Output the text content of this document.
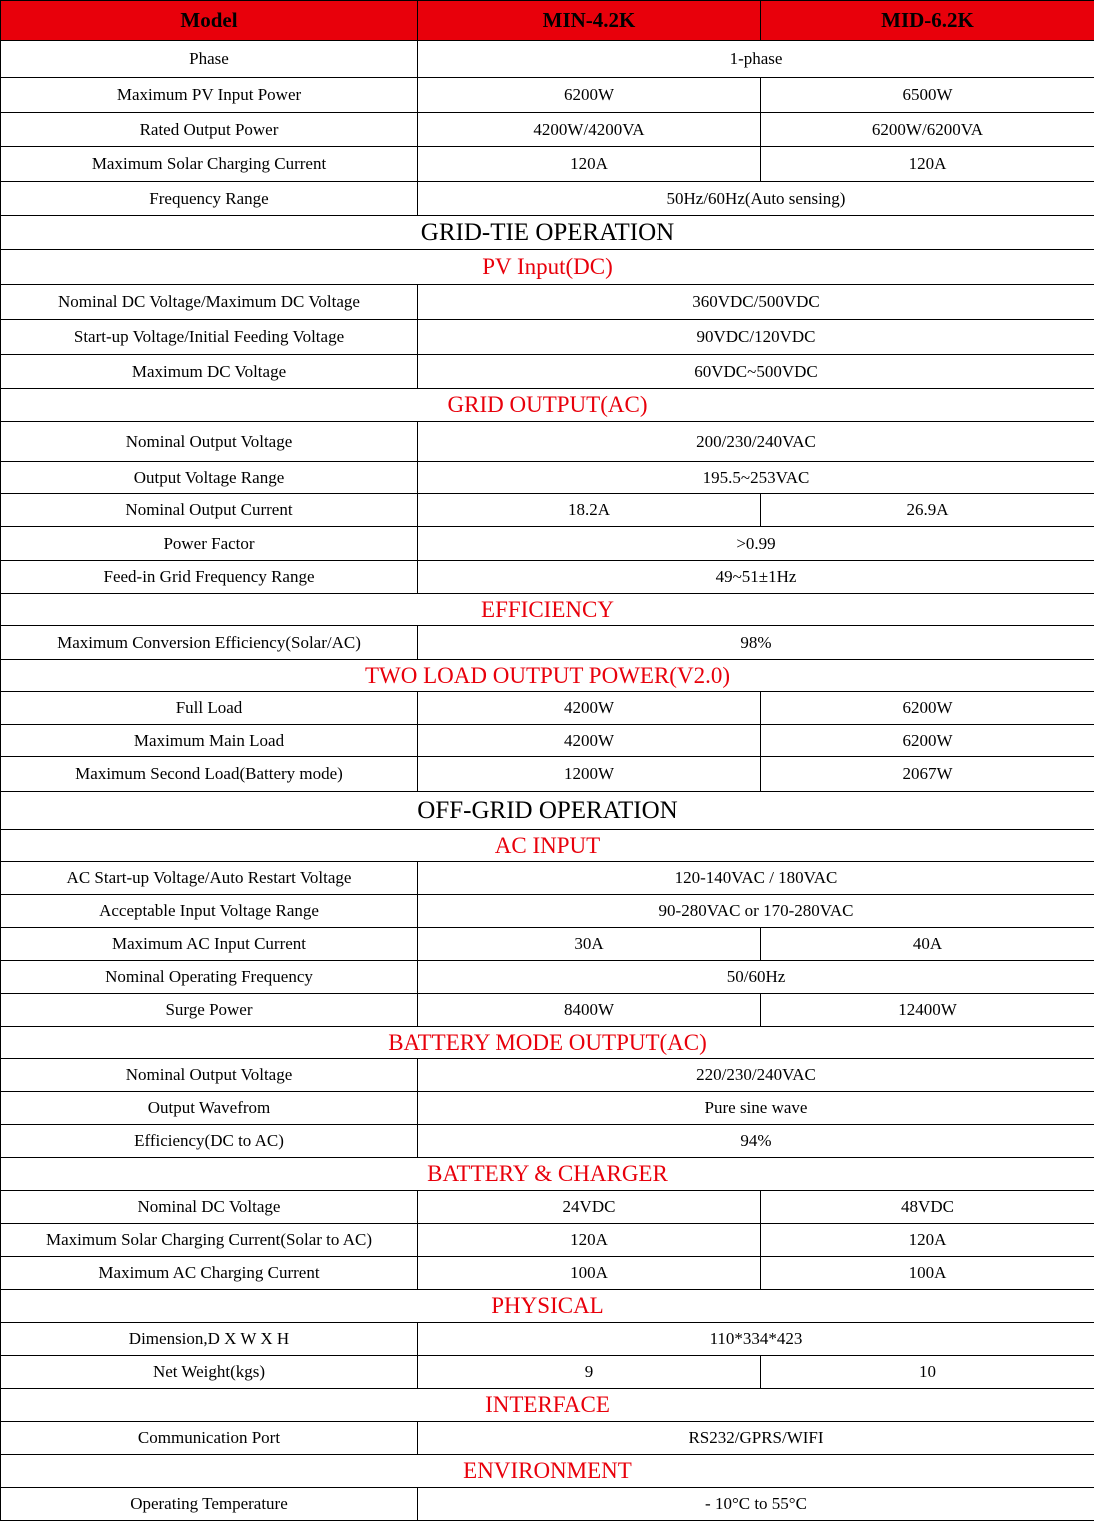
Model	MIN-4.2K	MID-6.2K
Phase	1-phase	
Maximum PV Input Power	6200W	6500W
Rated Output Power	4200W/4200VA	6200W/6200VA
Maximum Solar Charging Current	120A	120A
Frequency Range	50Hz/60Hz(Auto sensing)	
GRID-TIE OPERATION		
PV Input(DC)		
Nominal DC Voltage/Maximum DC Voltage	360VDC/500VDC	
Start-up Voltage/Initial Feeding Voltage	90VDC/120VDC	
Maximum DC Voltage	60VDC~500VDC	
GRID OUTPUT(AC)		
Nominal Output Voltage	200/230/240VAC	
Output Voltage Range	195.5~253VAC	
Nominal Output Current	18.2A	26.9A
Power Factor	>0.99	
Feed-in Grid Frequency Range	49~51±1Hz	
EFFICIENCY		
Maximum Conversion Efficiency(Solar/AC)	98%	
TWO LOAD OUTPUT POWER(V2.0)		
Full Load	4200W	6200W
Maximum Main Load	4200W	6200W
Maximum Second Load(Battery mode)	1200W	2067W
OFF-GRID OPERATION		
AC INPUT		
AC Start-up Voltage/Auto Restart Voltage	120-140VAC / 180VAC	
Acceptable Input Voltage Range	90-280VAC or 170-280VAC	
Maximum AC Input Current	30A	40A
Nominal Operating Frequency	50/60Hz	
Surge Power	8400W	12400W
BATTERY MODE OUTPUT(AC)		
Nominal Output Voltage	220/230/240VAC	
Output Wavefrom	Pure sine wave	
Efficiency(DC to AC)	94%	
BATTERY & CHARGER		
Nominal DC Voltage	24VDC	48VDC
Maximum Solar Charging Current(Solar to AC)	120A	120A
Maximum AC Charging Current	100A	100A
PHYSICAL		
Dimension,D X W X H	110*334*423	
Net Weight(kgs)	9	10
INTERFACE		
Communication Port	RS232/GPRS/WIFI	
ENVIRONMENT		
Operating Temperature	- 10°C to 55°C	
